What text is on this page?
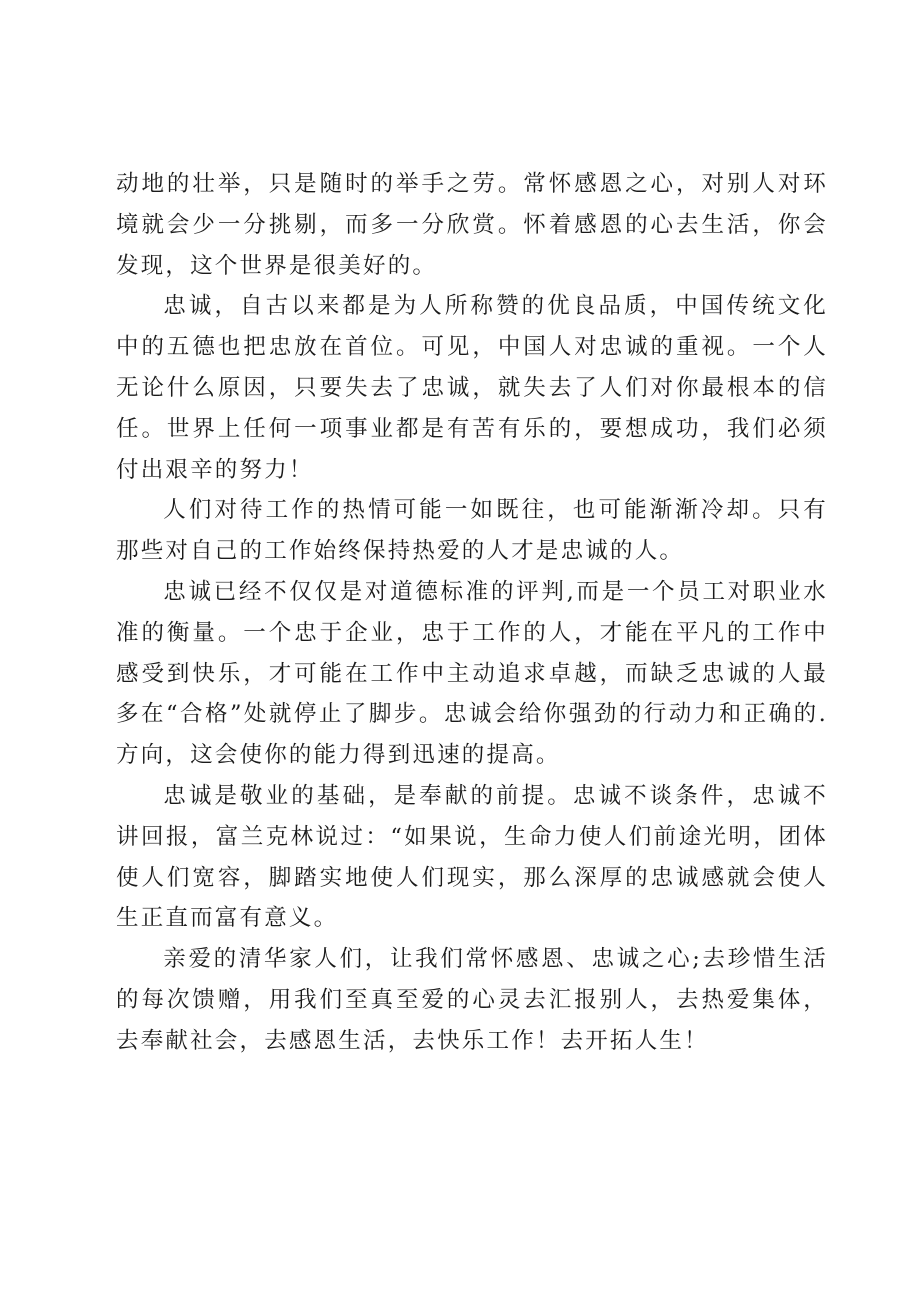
动地的壮举，只是随时的举手之劳。常怀感恩之心，对别人对环境就会少一分挑剔，而多一分欣赏。怀着感恩的心去生活，你会发现，这个世界是很美好的。

忠诚，自古以来都是为人所称赞的优良品质，中国传统文化中的五德也把忠放在首位。可见，中国人对忠诚的重视。一个人无论什么原因，只要失去了忠诚，就失去了人们对你最根本的信任。世界上任何一项事业都是有苦有乐的，要想成功，我们必须付出艰辛的努力！

人们对待工作的热情可能一如既往，也可能渐渐冷却。只有那些对自己的工作始终保持热爱的人才是忠诚的人。

忠诚已经不仅仅是对道德标准的评判,而是一个员工对职业水准的衡量。一个忠于企业，忠于工作的人，才能在平凡的工作中感受到快乐，才可能在工作中主动追求卓越，而缺乏忠诚的人最多在“合格”处就停止了脚步。忠诚会给你强劲的行动力和正确的.方向，这会使你的能力得到迅速的提高。

忠诚是敬业的基础，是奉献的前提。忠诚不谈条件，忠诚不讲回报，富兰克林说过：“如果说，生命力使人们前途光明，团体使人们宽容，脚踏实地使人们现实，那么深厚的忠诚感就会使人生正直而富有意义。

亲爱的清华家人们，让我们常怀感恩、忠诚之心;去珍惜生活的每次馈赠，用我们至真至爱的心灵去汇报别人，去热爱集体，去奉献社会，去感恩生活，去快乐工作！去开拓人生！
